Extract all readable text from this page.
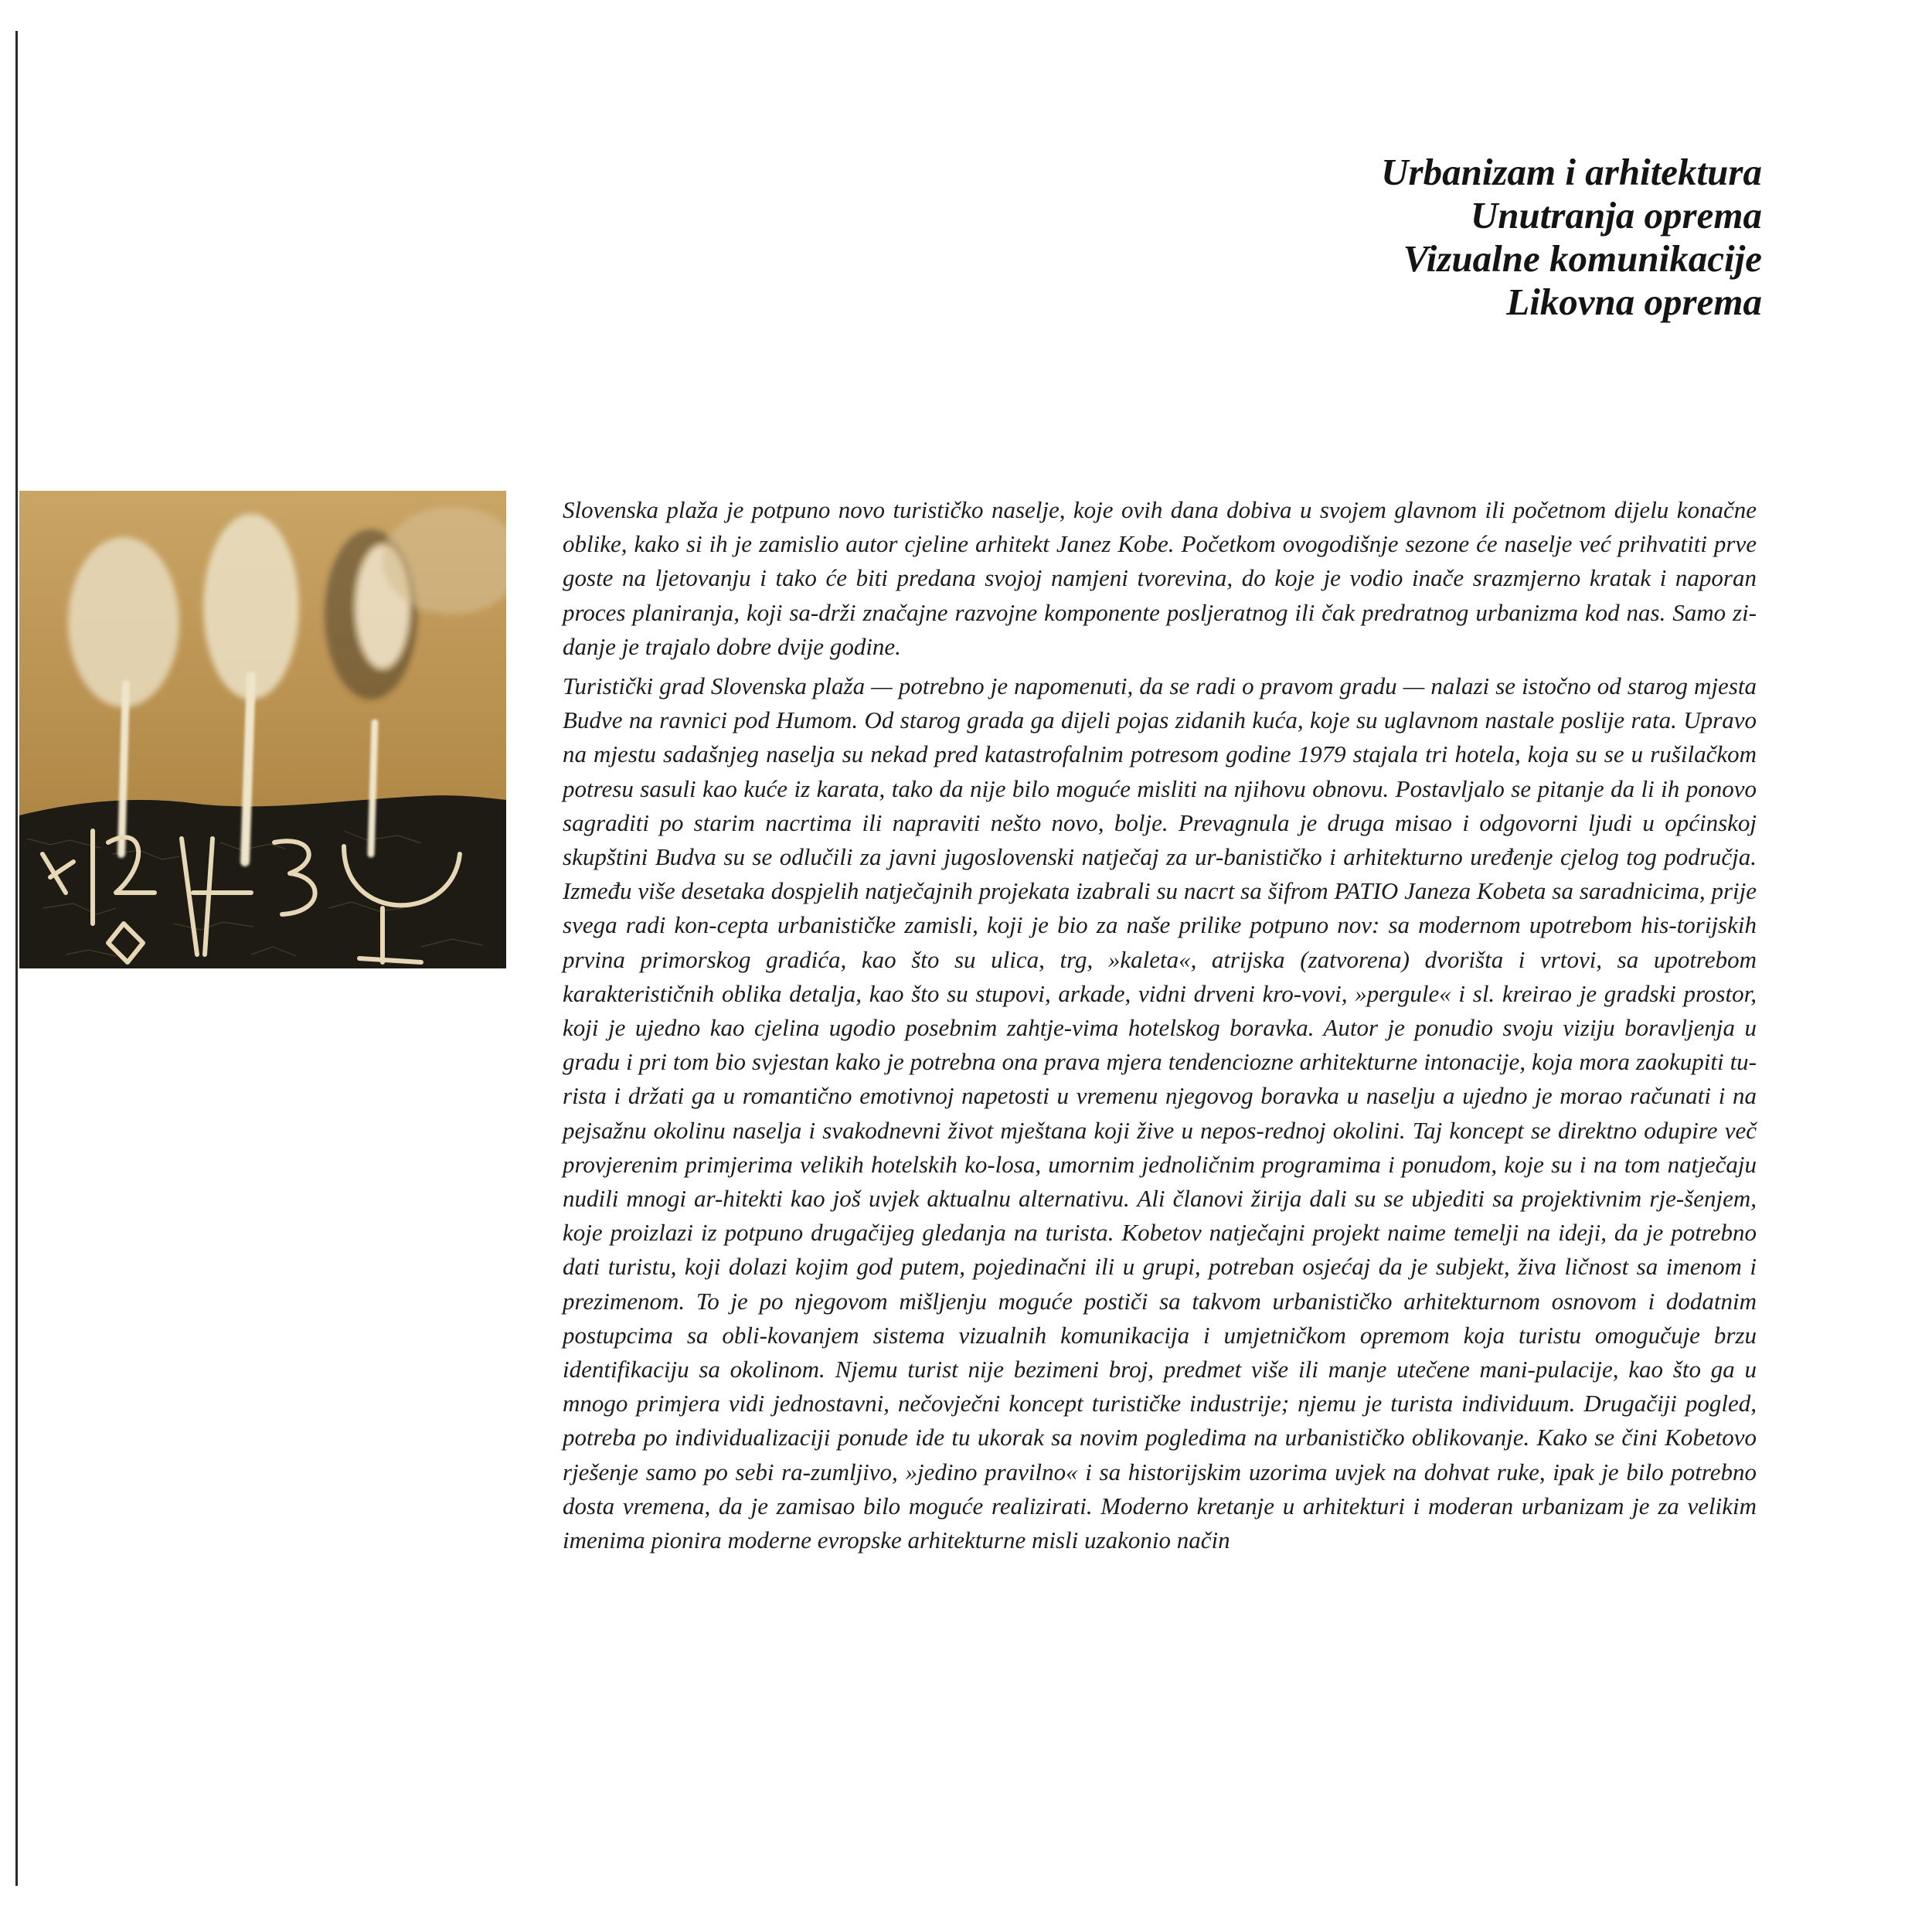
Urbanizam i arhitektura
Unutranja oprema
Vizualne komunikacije
Likovna oprema

Slovenska plaža je potpuno novo turističko naselje, koje ovih dana dobiva u svojem glavnom ili početnom dijelu konačne oblike, kako si ih je zamislio autor cjeline arhitekt Janez Kobe. Početkom ovogodišnje sezone će naselje već prihvatiti prve goste na ljetovanju i tako će biti predana svojoj namjeni tvorevina, do koje je vodio inače srazmjerno kratak i naporan proces planiranja, koji sa-drži značajne razvojne komponente posljeratnog ili čak predratnog urbanizma kod nas. Samo zi-danje je trajalo dobre dvije godine.

Turistički grad Slovenska plaža — potrebno je napomenuti, da se radi o pravom gradu — nalazi se istočno od starog mjesta Budve na ravnici pod Humom. Od starog grada ga dijeli pojas zidanih kuća, koje su uglavnom nastale poslije rata. Upravo na mjestu sadašnjeg naselja su nekad pred katastrofalnim potresom godine 1979 stajala tri hotela, koja su se u rušilačkom potresu sasuli kao kuće iz karata, tako da nije bilo moguće misliti na njihovu obnovu. Postavljalo se pitanje da li ih ponovo sagraditi po starim nacrtima ili napraviti nešto novo, bolje. Prevagnula je druga misao i odgovorni ljudi u općinskoj skupštini Budva su se odlučili za javni jugoslovenski natječaj za ur-banističko i arhitekturno uređenje cjelog tog područja. Između više desetaka dospjelih natječajnih projekata izabrali su nacrt sa šifrom PATIO Janeza Kobeta sa saradnicima, prije svega radi kon-cepta urbanističke zamisli, koji je bio za naše prilike potpuno nov: sa modernom upotrebom his-torijskih prvina primorskog gradića, kao što su ulica, trg, »kaleta«, atrijska (zatvorena) dvorišta i vrtovi, sa upotrebom karakterističnih oblika detalja, kao što su stupovi, arkade, vidni drveni kro-vovi, »pergule« i sl. kreirao je gradski prostor, koji je ujedno kao cjelina ugodio posebnim zahtje-vima hotelskog boravka. Autor je ponudio svoju viziju boravljenja u gradu i pri tom bio svjestan kako je potrebna ona prava mjera tendenciozne arhitekturne intonacije, koja mora zaokupiti tu-rista i držati ga u romantično emotivnoj napetosti u vremenu njegovog boravka u naselju a ujedno je morao računati i na pejsažnu okolinu naselja i svakodnevni život mještana koji žive u nepos-rednoj okolini. Taj koncept se direktno odupire več provjerenim primjerima velikih hotelskih ko-losa, umornim jednoličnim programima i ponudom, koje su i na tom natječaju nudili mnogi ar-hitekti kao još uvjek aktualnu alternativu. Ali članovi žirija dali su se ubjediti sa projektivnim rje-šenjem, koje proizlazi iz potpuno drugačijeg gledanja na turista. Kobetov natječajni projekt naime temelji na ideji, da je potrebno dati turistu, koji dolazi kojim god putem, pojedinačni ili u grupi, potreban osjećaj da je subjekt, živa ličnost sa imenom i prezimenom. To je po njegovom mišljenju moguće postiči sa takvom urbanističko arhitekturnom osnovom i dodatnim postupcima sa obli-kovanjem sistema vizualnih komunikacija i umjetničkom opremom koja turistu omogučuje brzu identifikaciju sa okolinom. Njemu turist nije bezimeni broj, predmet više ili manje utečene mani-pulacije, kao što ga u mnogo primjera vidi jednostavni, nečovječni koncept turističke industrije; njemu je turista individuum. Drugačiji pogled, potreba po individualizaciji ponude ide tu ukorak sa novim pogledima na urbanističko oblikovanje. Kako se čini Kobetovo rješenje samo po sebi ra-zumljivo, »jedino pravilno« i sa historijskim uzorima uvjek na dohvat ruke, ipak je bilo potrebno dosta vremena, da je zamisao bilo moguće realizirati. Moderno kretanje u arhitekturi i moderan urbanizam je za velikim imenima pionira moderne evropske arhitekturne misli uzakonio način
